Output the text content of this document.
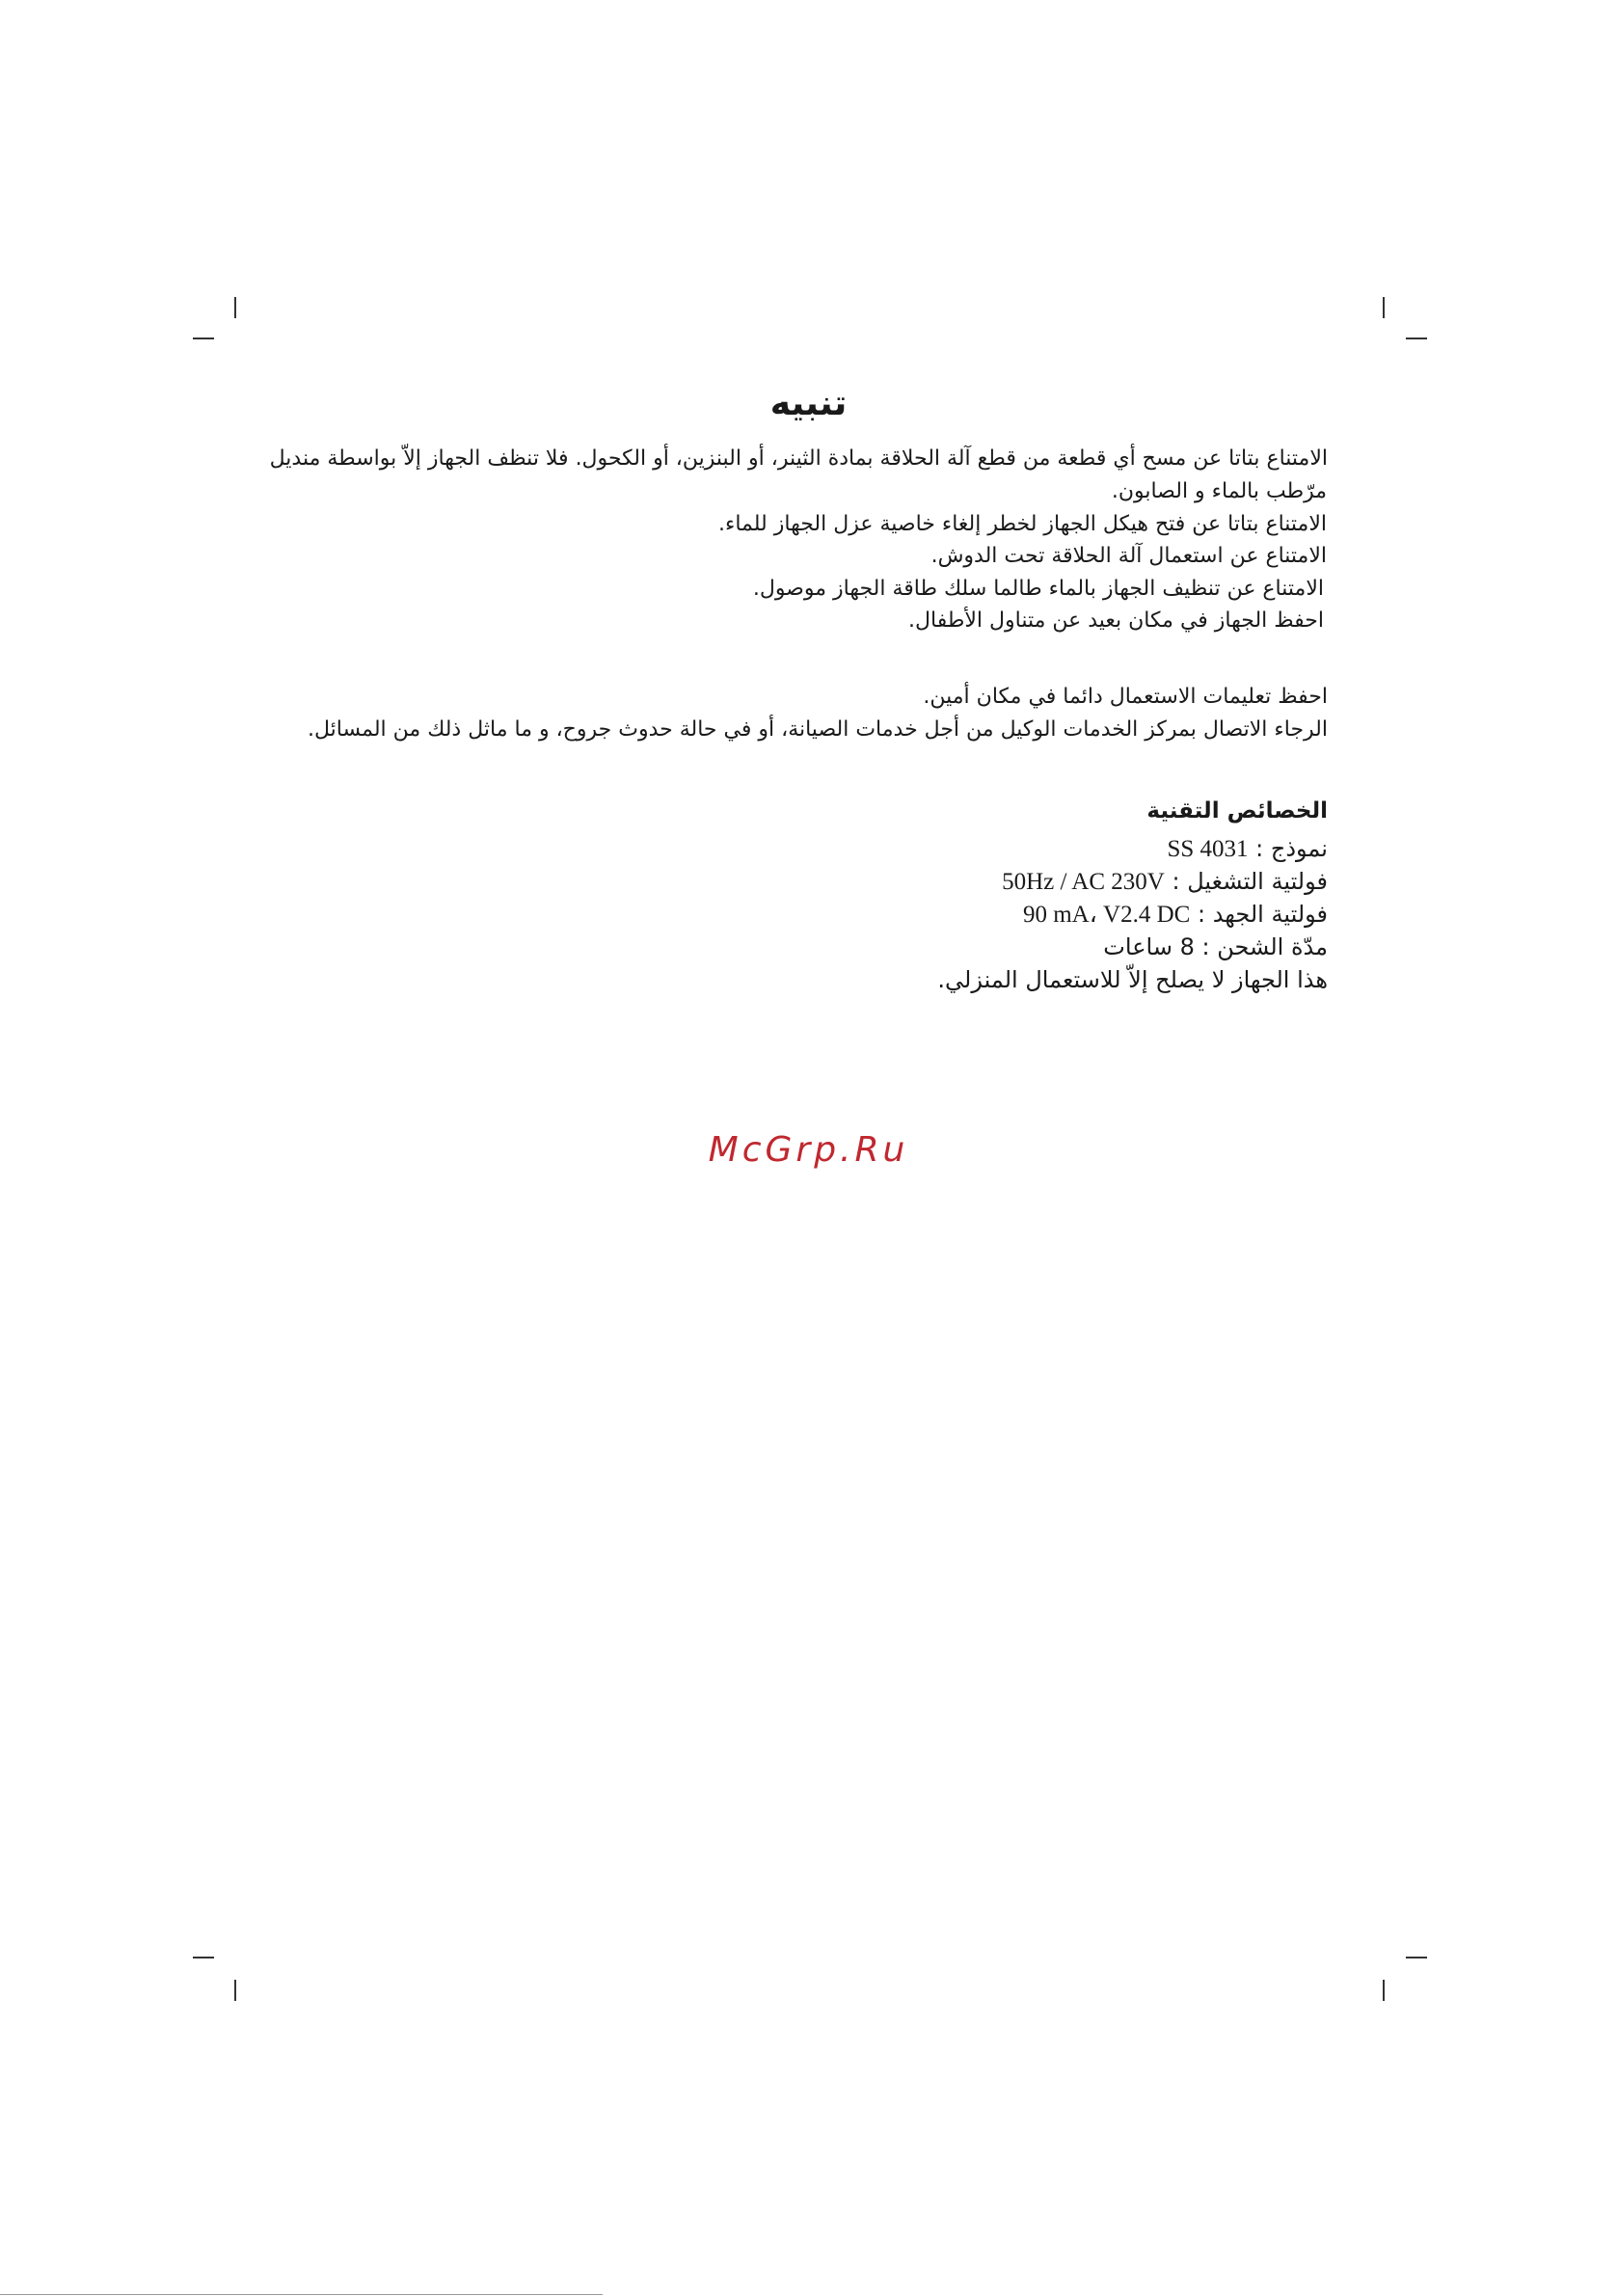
تنبيه

الامتناع بتاتا عن مسح أي قطعة من قطع آلة الحلاقة بمادة الثينر، أو البنزين، أو الكحول. فلا تنظف الجهاز إلاّ بواسطة منديل

مرّطب بالماء و الصابون.

الامتناع بتاتا عن فتح هيكل الجهاز لخطر إلغاء خاصية عزل الجهاز للماء.

الامتناع عن استعمال آلة الحلاقة تحت الدوش.

الامتناع عن تنظيف الجهاز بالماء طالما سلك طاقة الجهاز موصول.

احفظ الجهاز في مكان بعيد عن متناول الأطفال.

احفظ تعليمات الاستعمال دائما في مكان أمين.

الرجاء الاتصال بمركز الخدمات الوكيل من أجل خدمات الصيانة، أو في حالة حدوث جروح، و ما ماثل ذلك من المسائل.

الخصائص التقنية

نموذج : SS 4031

فولتية التشغيل : 50Hz / AC 230V

فولتية الجهد : 90 mA، V2.4 DC

مدّة الشحن : 8 ساعات

هذا الجهاز لا يصلح إلاّ للاستعمال المنزلي.

McGrp.Ru
